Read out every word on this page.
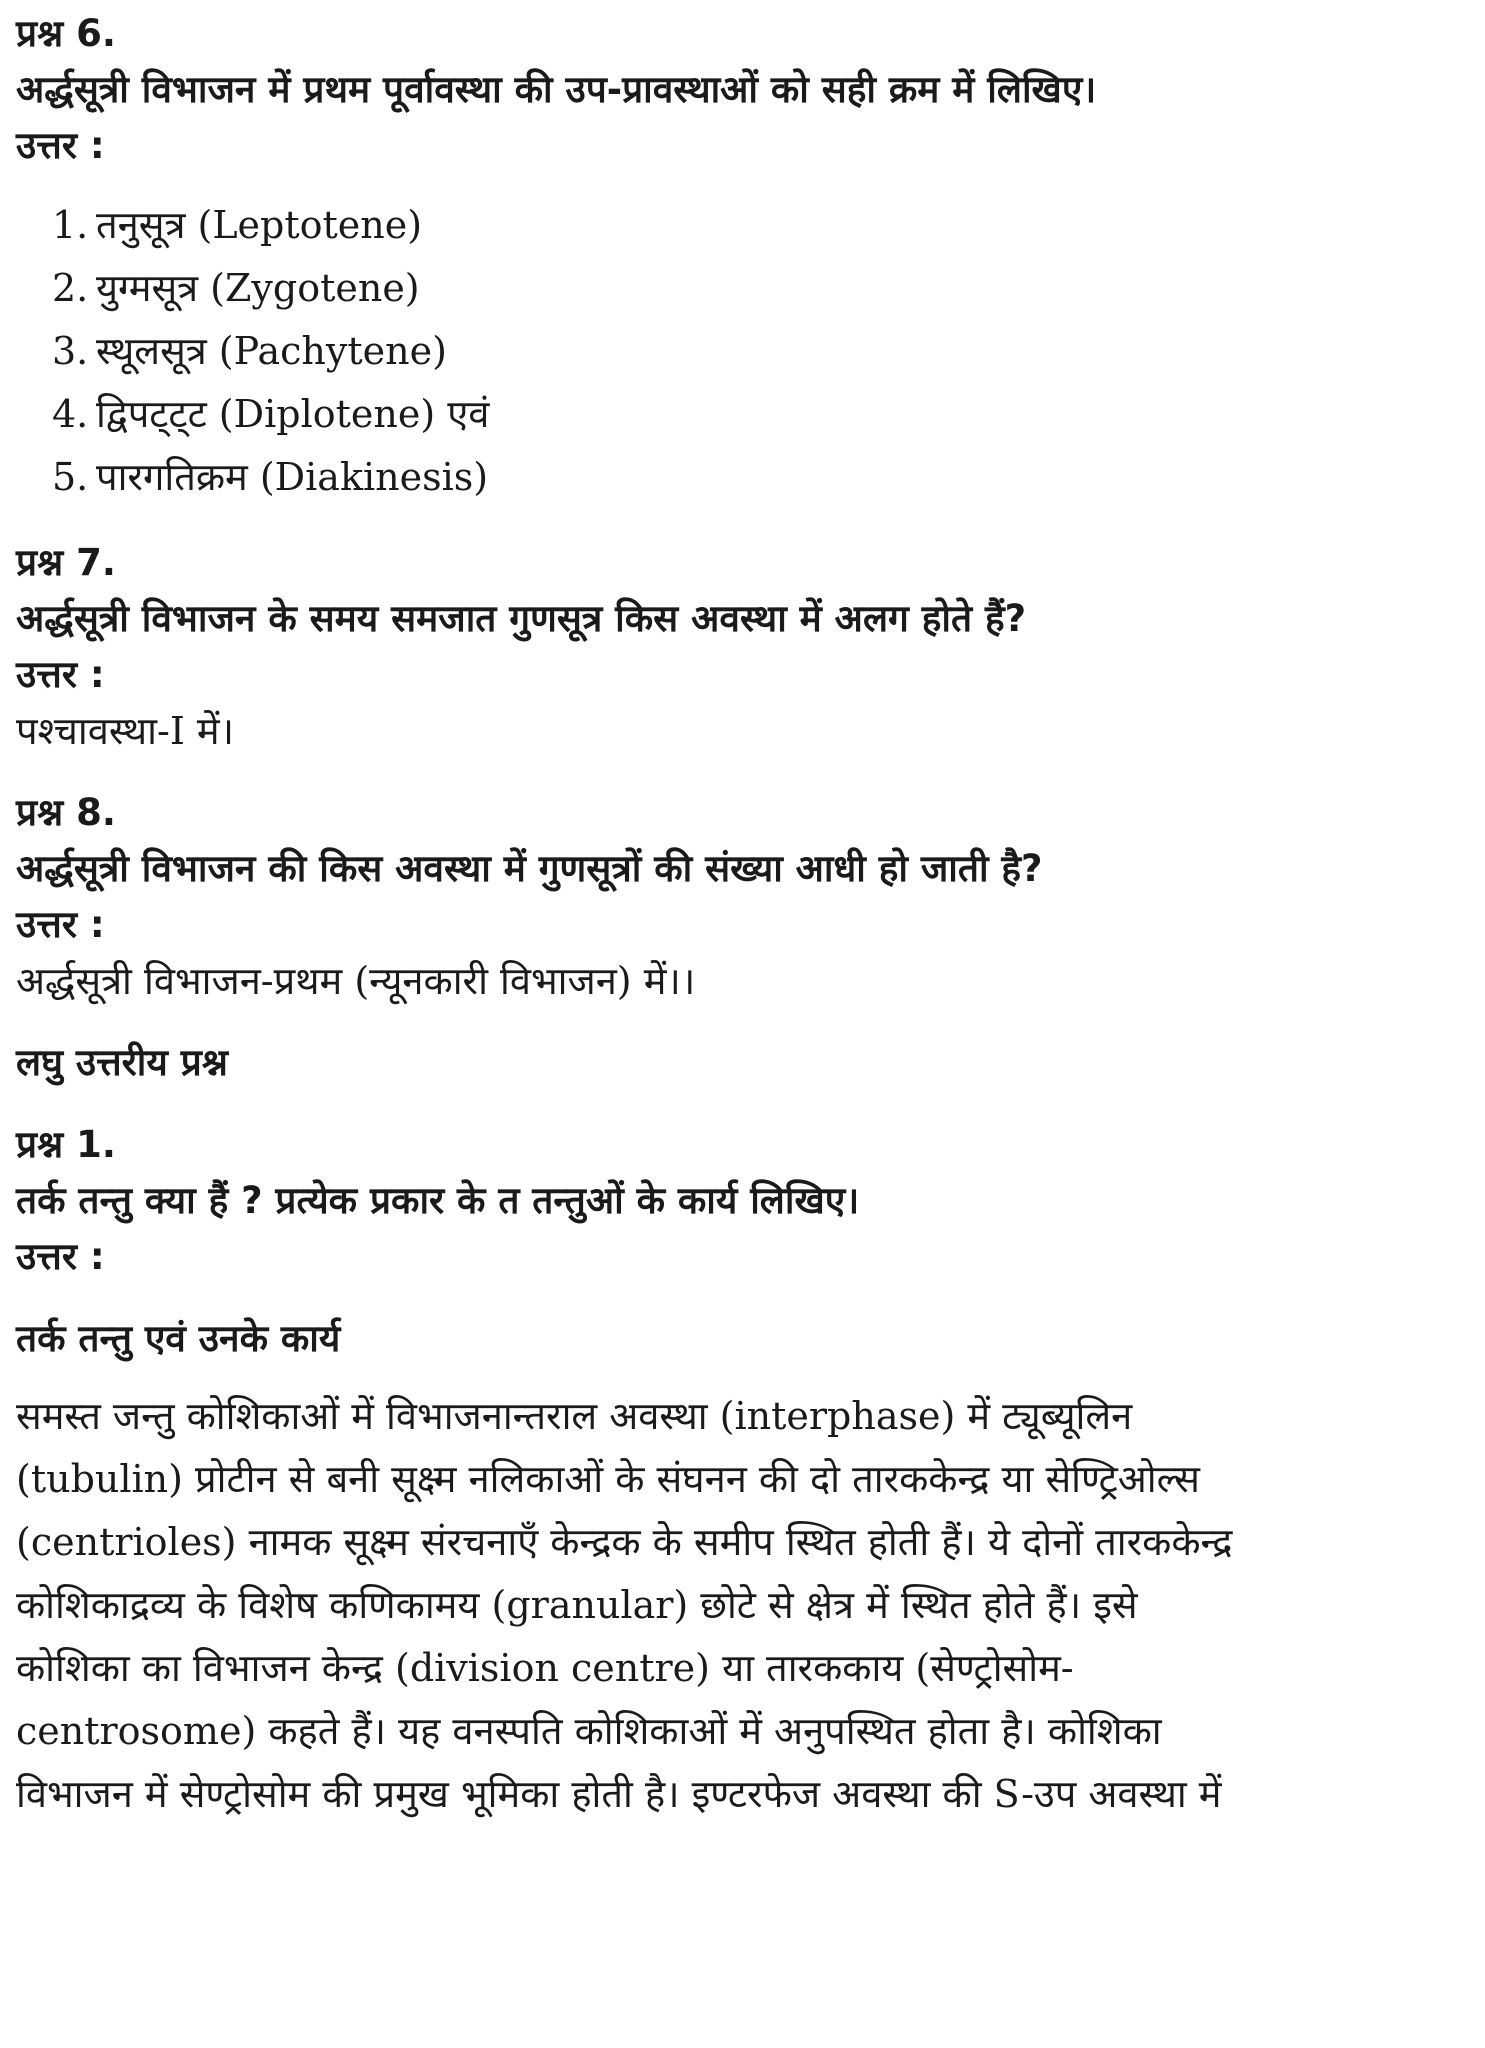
प्रश्न 6.

अर्द्धसूत्री विभाजन में प्रथम पूर्वावस्था की उप-प्रावस्थाओं को सही क्रम में लिखिए।

उत्तर :

1. तनुसूत्र (Leptotene)
2. युग्मसूत्र (Zygotene)
3. स्थूलसूत्र (Pachytene)
4. द्विपट्ट्ट (Diplotene) एवं
5. पारगतिक्रम (Diakinesis)

प्रश्न 7.

अर्द्धसूत्री विभाजन के समय समजात गुणसूत्र किस अवस्था में अलग होते हैं?

उत्तर :

पश्चावस्था-I में।

प्रश्न 8.

अर्द्धसूत्री विभाजन की किस अवस्था में गुणसूत्रों की संख्या आधी हो जाती है?

उत्तर :

अर्द्धसूत्री विभाजन-प्रथम (न्यूनकारी विभाजन) में।।

लघु उत्तरीय प्रश्न

प्रश्न 1.

तर्क तन्तु क्या हैं ? प्रत्येक प्रकार के त तन्तुओं के कार्य लिखिए।

उत्तर :

तर्क तन्तु एवं उनके कार्य

समस्त जन्तु कोशिकाओं में विभाजनान्तराल अवस्था (interphase) में ट्यूब्यूलिन

(tubulin) प्रोटीन से बनी सूक्ष्म नलिकाओं के संघनन की दो तारककेन्द्र या सेण्ट्रिओल्स

(centrioles) नामक सूक्ष्म संरचनाएँ केन्द्रक के समीप स्थित होती हैं। ये दोनों तारककेन्द्र

कोशिकाद्रव्य के विशेष कणिकामय (granular) छोटे से क्षेत्र में स्थित होते हैं। इसे

कोशिका का विभाजन केन्द्र (division centre) या तारककाय (सेण्ट्रोसोम-

centrosome) कहते हैं। यह वनस्पति कोशिकाओं में अनुपस्थित होता है। कोशिका

विभाजन में सेण्ट्रोसोम की प्रमुख भूमिका होती है। इण्टरफेज अवस्था की S-उप अवस्था में
